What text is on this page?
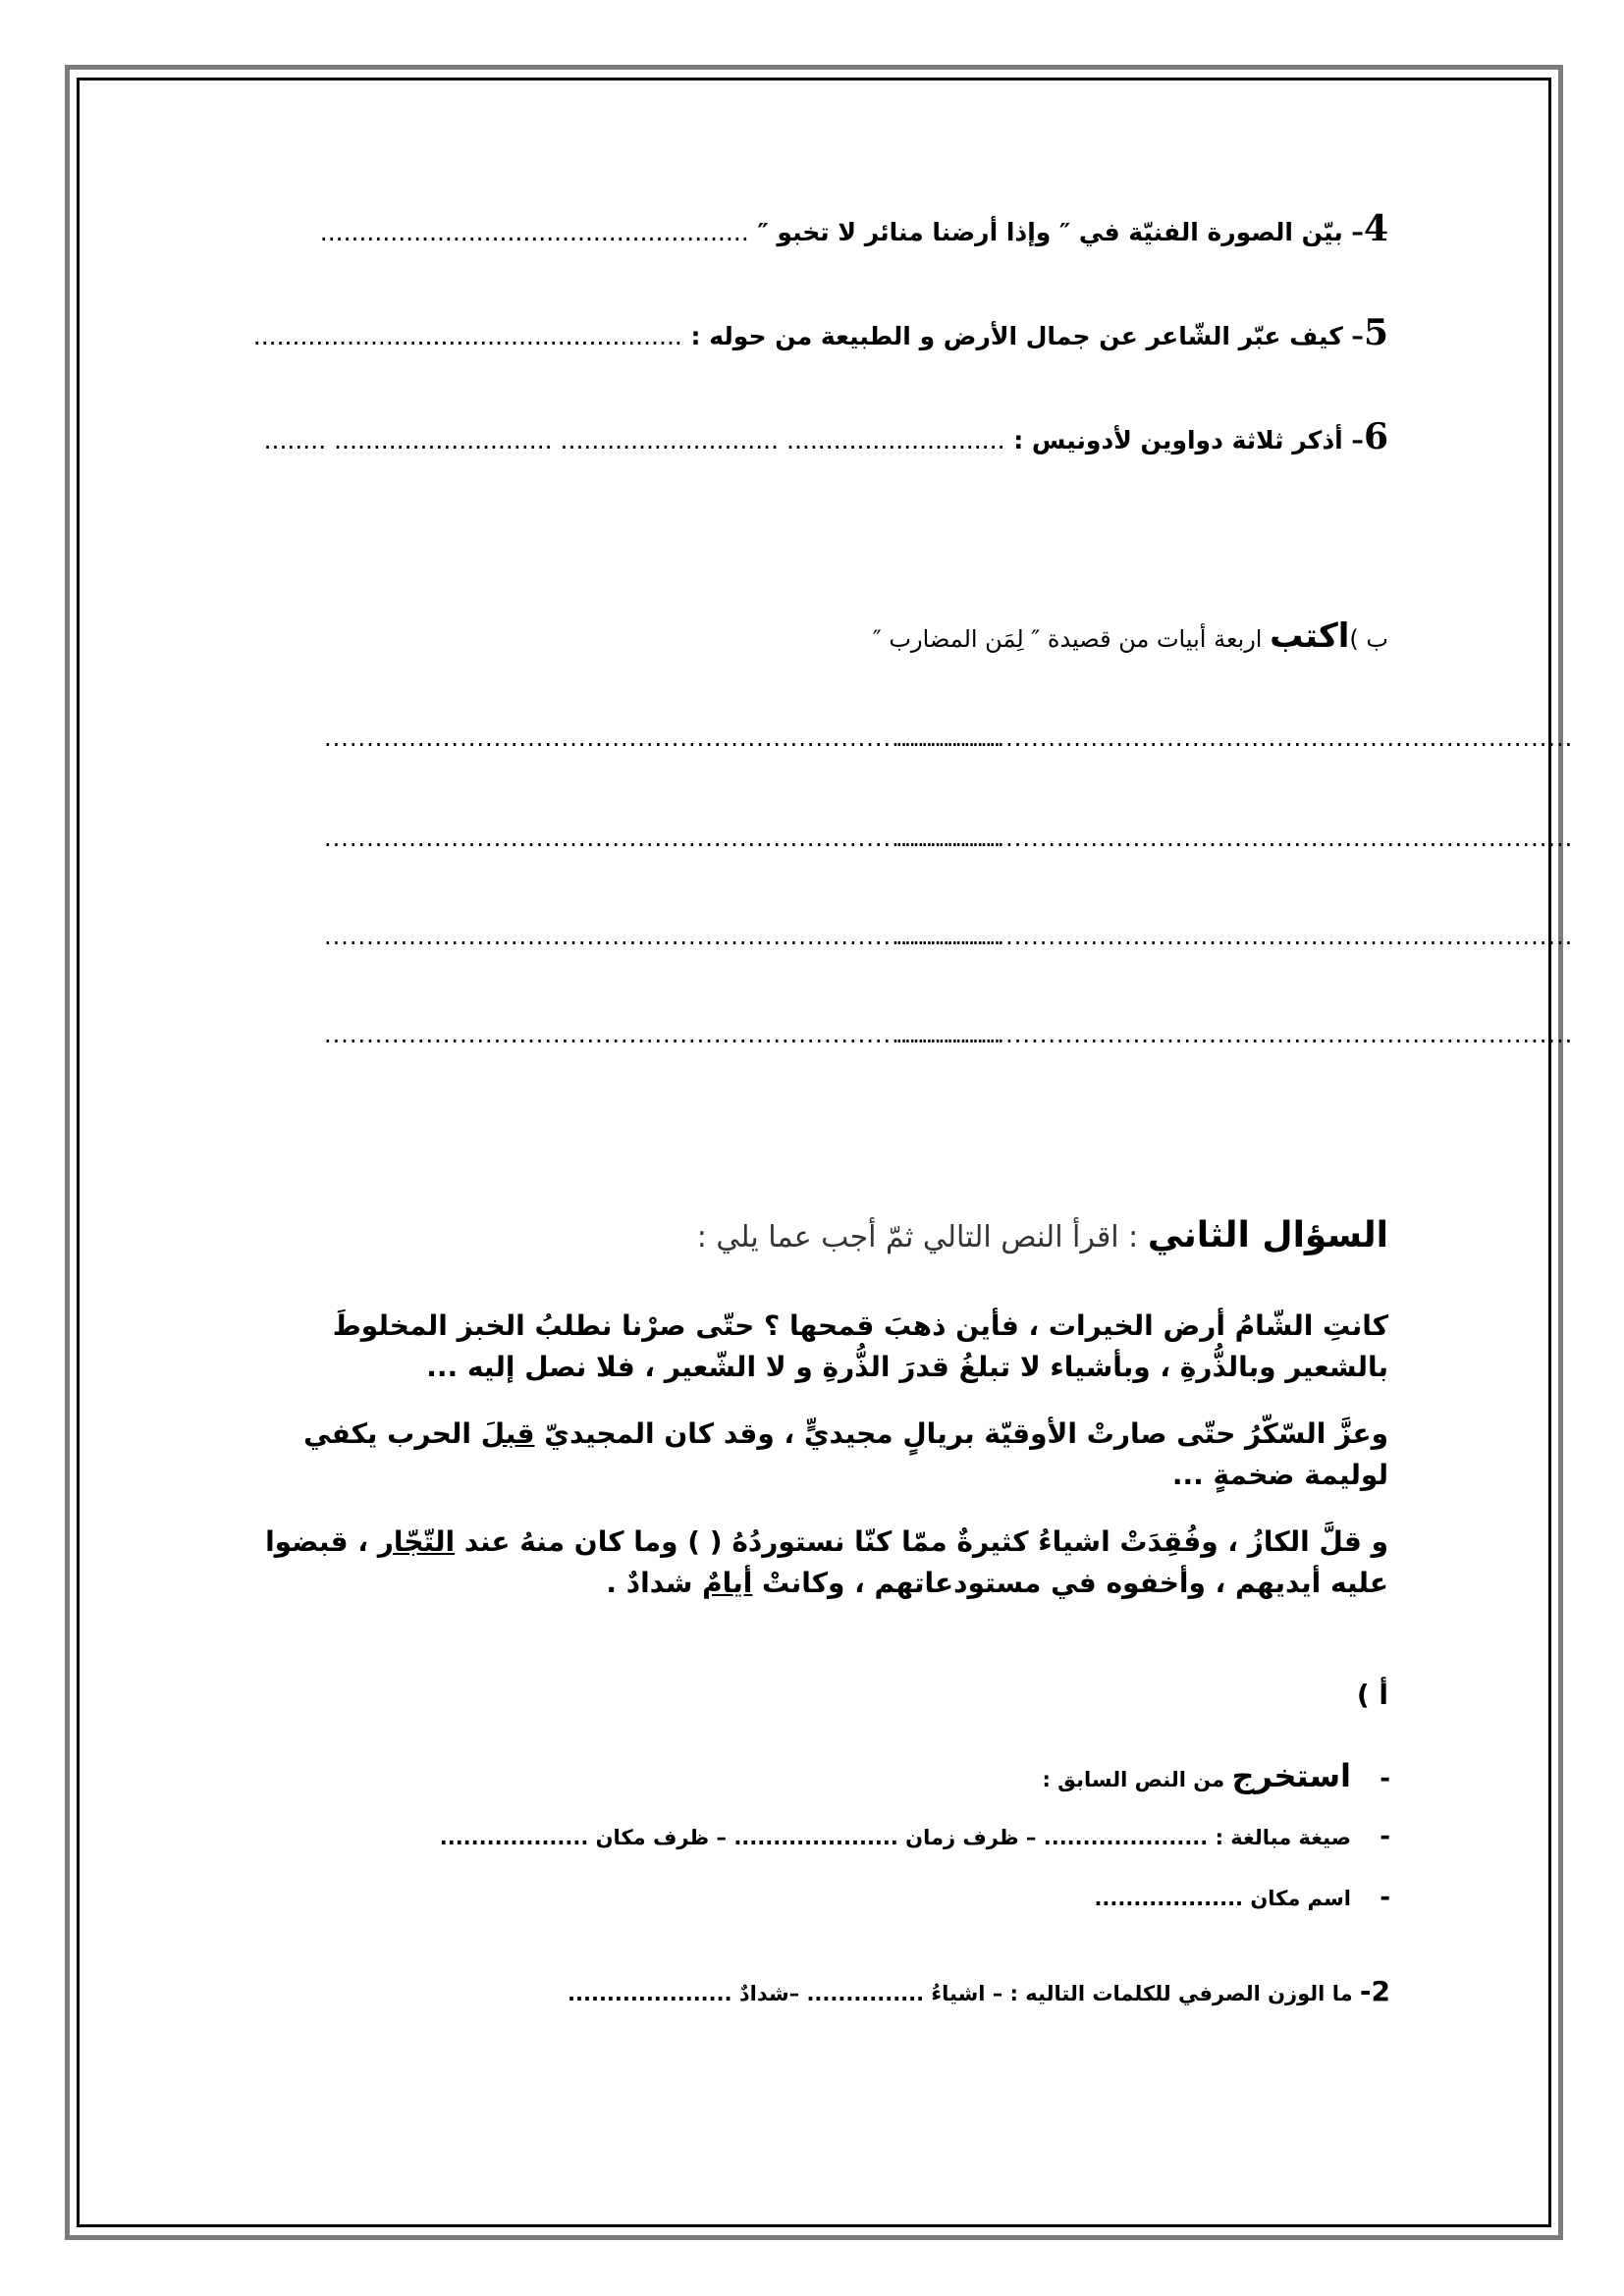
4– بيّن الصورة الفنيّة في ″ وإذا أرضنا منائر لا تخبو ″ .......................................................
5– كيف عبّر الشّاعر عن جمال الأرض و الطبيعة من حوله : .......................................................
6– أذكر ثلاثة دواوين لأدونيس : ............................ ............................ ............................ ........
ب )اكتب اربعة أبيات من قصيدة ″ لِمَن المضارب ″
................................................................................
................................................................................
................................................................................
................................................................................
................................................................................
................................................................................
................................................................................
................................................................................
السؤال الثاني : اقرأ النص التالي ثمّ أجب عما يلي :

كانتِ الشّامُ أرض الخيرات ، فأين ذهبَ قمحها ؟ حتّى صرْنا نطلبُ الخبز المخلوطَ بالشعير وبالذُّرةِ ، وبأشياء لا تبلغُ قدرَ الذُّرةِ و لا الشّعير ، فلا نصل إليه ...

وعزَّ السّكّرُ حتّى صارتْ الأوقيّة بريالٍ مجيديٍّ ، وقد كان المجيديّ قبلَ الحرب يكفي لوليمة ضخمةٍ ...

و قلَّ الكازُ ، وفُقِدَتْ اشياءُ كثيرةٌ ممّا كنّا نستوردُهُ ( ) وما كان منهُ عند التّجّار ، قبضوا عليه أيديهم ، وأخفوه في مستودعاتهم ، وكانتْ أيامٌ شدادٌ .

أ )
-استخرج من النص السابق :
-صيغة مبالغة : ..................... – ظرف زمان ..................... – ظرف مكان ...................
-اسم مكان ...................
2- ما الوزن الصرفي للكلمات التاليه : – اشياءُ ............... –شدادٌ .....................
